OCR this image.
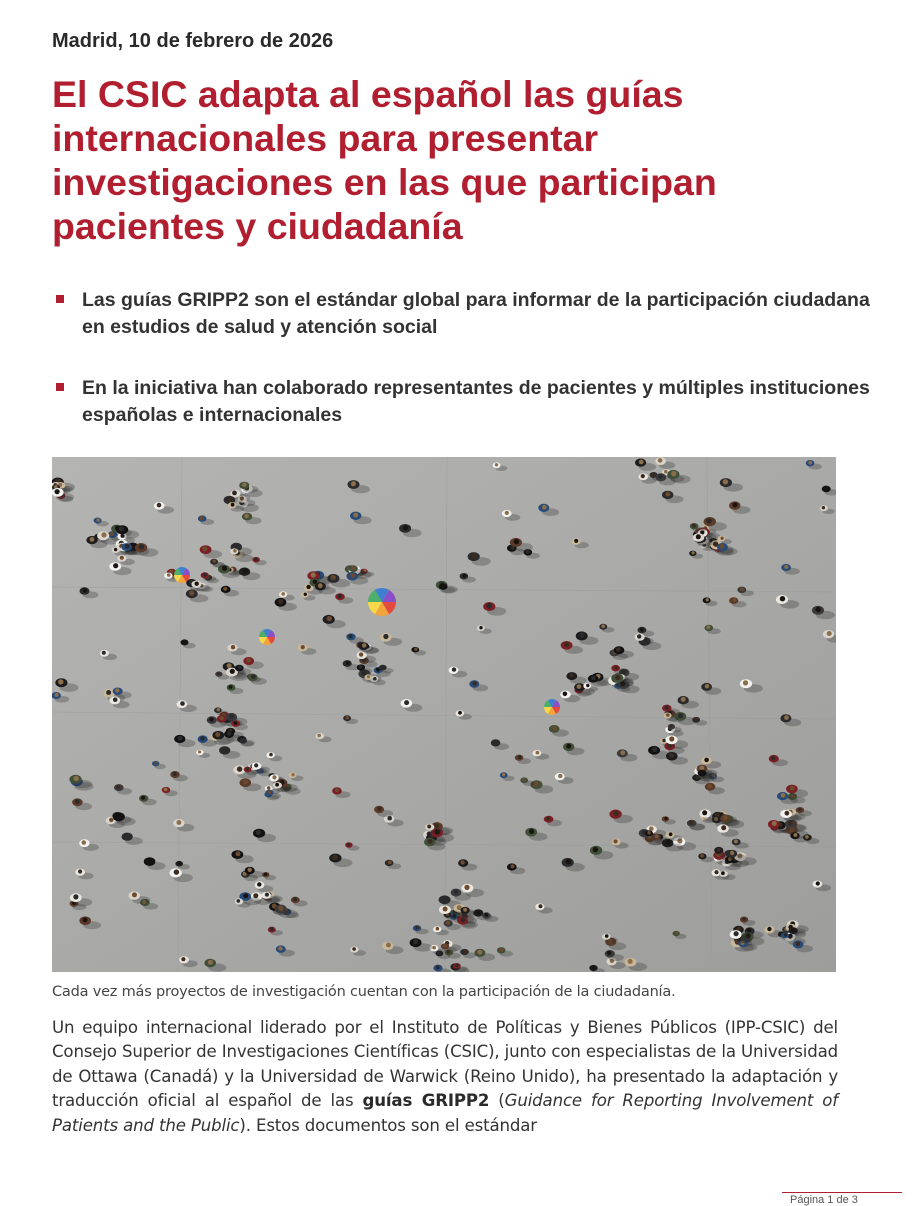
Madrid, 10 de febrero de 2026

El CSIC adapta al español las guías internacionales para presentar investigaciones en las que participan pacientes y ciudadanía
Las guías GRIPP2 son el estándar global para informar de la participación ciudadana en estudios de salud y atención social
En la iniciativa han colaborado representantes de pacientes y múltiples instituciones españolas e internacionales

Cada vez más proyectos de investigación cuentan con la participación de la ciudadanía.

Un equipo internacional liderado por el Instituto de Políticas y Bienes Públicos (IPP-CSIC) del Consejo Superior de Investigaciones Científicas (CSIC), junto con especialistas de la Universidad de Ottawa (Canadá) y la Universidad de Warwick (Reino Unido), ha presentado la adaptación y traducción oficial al español de las guías GRIPP2 (Guidance for Reporting Involvement of Patients and the Public). Estos documentos son el estándar

Página 1 de 3
